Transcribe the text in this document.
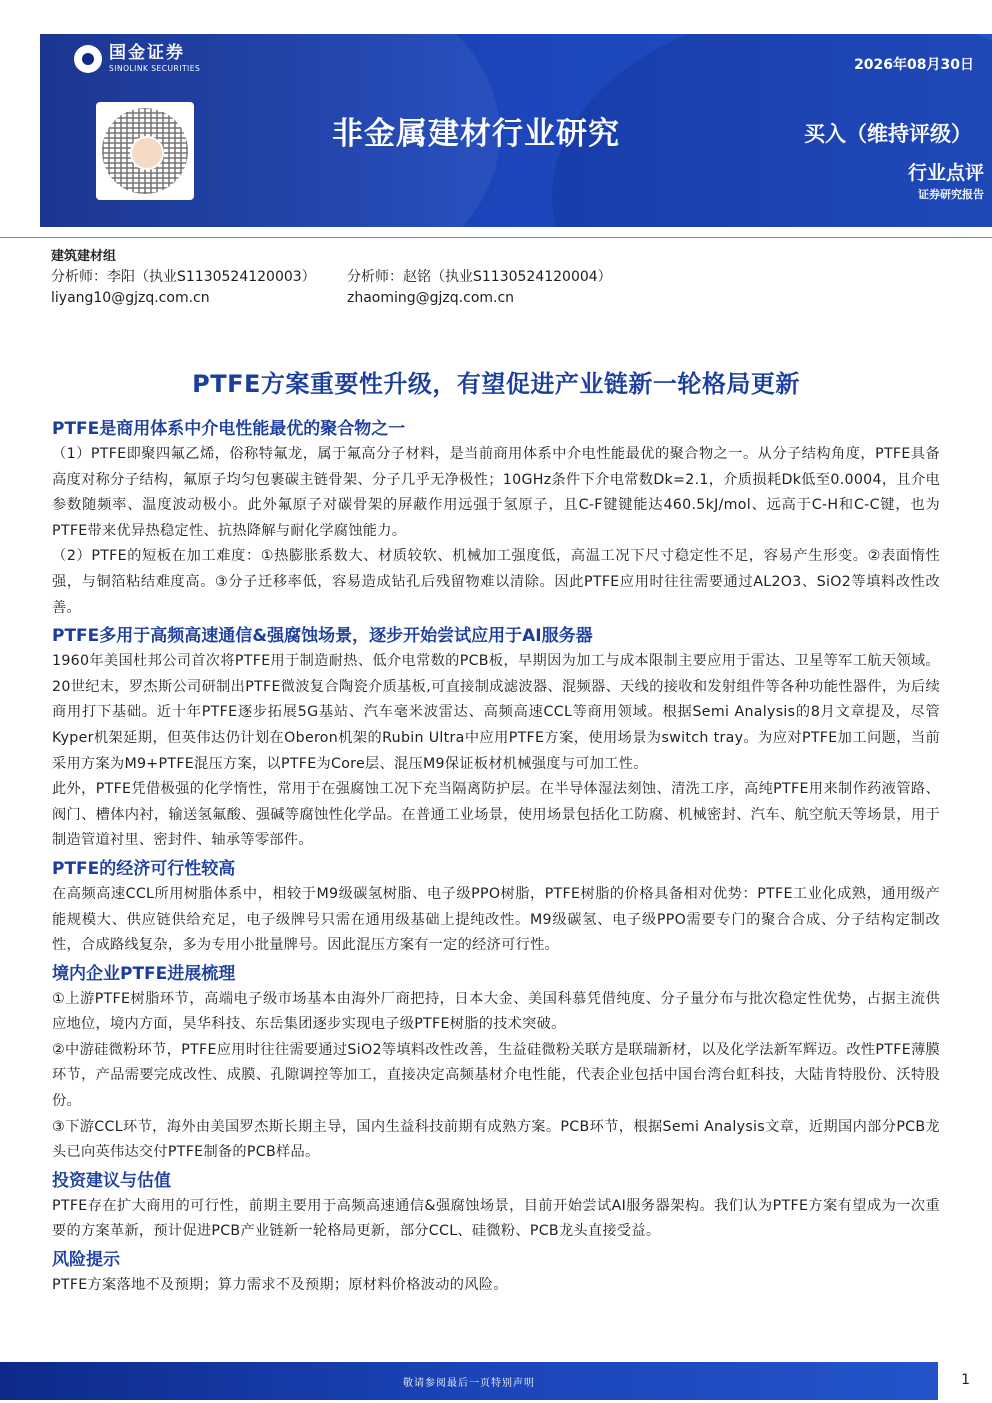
国金证券
SINOLINK SECURITIES	2026年08月30日
非金属建材行业研究	买入（维持评级）
行业点评
证券研究报告
建筑建材组
分析师：李阳（执业S1130524120003）	分析师：赵铭（执业S1130524120004）
liyang10@gjzq.com.cn	zhaoming@gjzq.com.cn
PTFE方案重要性升级，有望促进产业链新一轮格局更新
PTFE是商用体系中介电性能最优的聚合物之一

（1）PTFE即聚四氟乙烯，俗称特氟龙，属于氟高分子材料，是当前商用体系中介电性能最优的聚合物之一。从分子结构角度，PTFE具备高度对称分子结构，氟原子均匀包裹碳主链骨架、分子几乎无净极性；10GHz条件下介电常数Dk=2.1，介质损耗Dk低至0.0004，且介电参数随频率、温度波动极小。此外氟原子对碳骨架的屏蔽作用远强于氢原子，且C-F键键能达460.5kJ/mol、远高于C-H和C-C键，也为PTFE带来优异热稳定性、抗热降解与耐化学腐蚀能力。

（2）PTFE的短板在加工难度：①热膨胀系数大、材质较软、机械加工强度低，高温工况下尺寸稳定性不足，容易产生形变。②表面惰性强，与铜箔粘结难度高。③分子迁移率低，容易造成钻孔后残留物难以清除。因此PTFE应用时往往需要通过AL2O3、SiO2等填料改性改善。

PTFE多用于高频高速通信&强腐蚀场景，逐步开始尝试应用于AI服务器

1960年美国杜邦公司首次将PTFE用于制造耐热、低介电常数的PCB板，早期因为加工与成本限制主要应用于雷达、卫星等军工航天领域。20世纪末，罗杰斯公司研制出PTFE微波复合陶瓷介质基板,可直接制成滤波器、混频器、天线的接收和发射组件等各种功能性器件，为后续商用打下基础。近十年PTFE逐步拓展5G基站、汽车毫米波雷达、高频高速CCL等商用领域。根据Semi Analysis的8月文章提及，尽管Kyper机架延期，但英伟达仍计划在Oberon机架的Rubin Ultra中应用PTFE方案，使用场景为switch tray。为应对PTFE加工问题，当前采用方案为M9+PTFE混压方案，以PTFE为Core层、混压M9保证板材机械强度与可加工性。

此外，PTFE凭借极强的化学惰性，常用于在强腐蚀工况下充当隔离防护层。在半导体湿法刻蚀、清洗工序，高纯PTFE用来制作药液管路、阀门、槽体内衬，输送氢氟酸、强碱等腐蚀性化学品。在普通工业场景，使用场景包括化工防腐、机械密封、汽车、航空航天等场景，用于制造管道衬里、密封件、轴承等零部件。

PTFE的经济可行性较高

在高频高速CCL所用树脂体系中，相较于M9级碳氢树脂、电子级PPO树脂，PTFE树脂的价格具备相对优势：PTFE工业化成熟，通用级产能规模大、供应链供给充足，电子级牌号只需在通用级基础上提纯改性。M9级碳氢、电子级PPO需要专门的聚合合成、分子结构定制改性，合成路线复杂，多为专用小批量牌号。因此混压方案有一定的经济可行性。

境内企业PTFE进展梳理

①上游PTFE树脂环节，高端电子级市场基本由海外厂商把持，日本大金、美国科慕凭借纯度、分子量分布与批次稳定性优势，占据主流供应地位，境内方面，昊华科技、东岳集团逐步实现电子级PTFE树脂的技术突破。

②中游硅微粉环节，PTFE应用时往往需要通过SiO2等填料改性改善，生益硅微粉关联方是联瑞新材，以及化学法新军辉迈。改性PTFE薄膜环节，产品需要完成改性、成膜、孔隙调控等加工，直接决定高频基材介电性能，代表企业包括中国台湾台虹科技，大陆肯特股份、沃特股份。

③下游CCL环节，海外由美国罗杰斯长期主导，国内生益科技前期有成熟方案。PCB环节，根据Semi Analysis文章，近期国内部分PCB龙头已向英伟达交付PTFE制备的PCB样品。

投资建议与估值

PTFE存在扩大商用的可行性，前期主要用于高频高速通信&强腐蚀场景，目前开始尝试AI服务器架构。我们认为PTFE方案有望成为一次重要的方案革新，预计促进PCB产业链新一轮格局更新，部分CCL、硅微粉、PCB龙头直接受益。

风险提示

PTFE方案落地不及预期；算力需求不及预期；原材料价格波动的风险。

敬请参阅最后一页特别声明	1
